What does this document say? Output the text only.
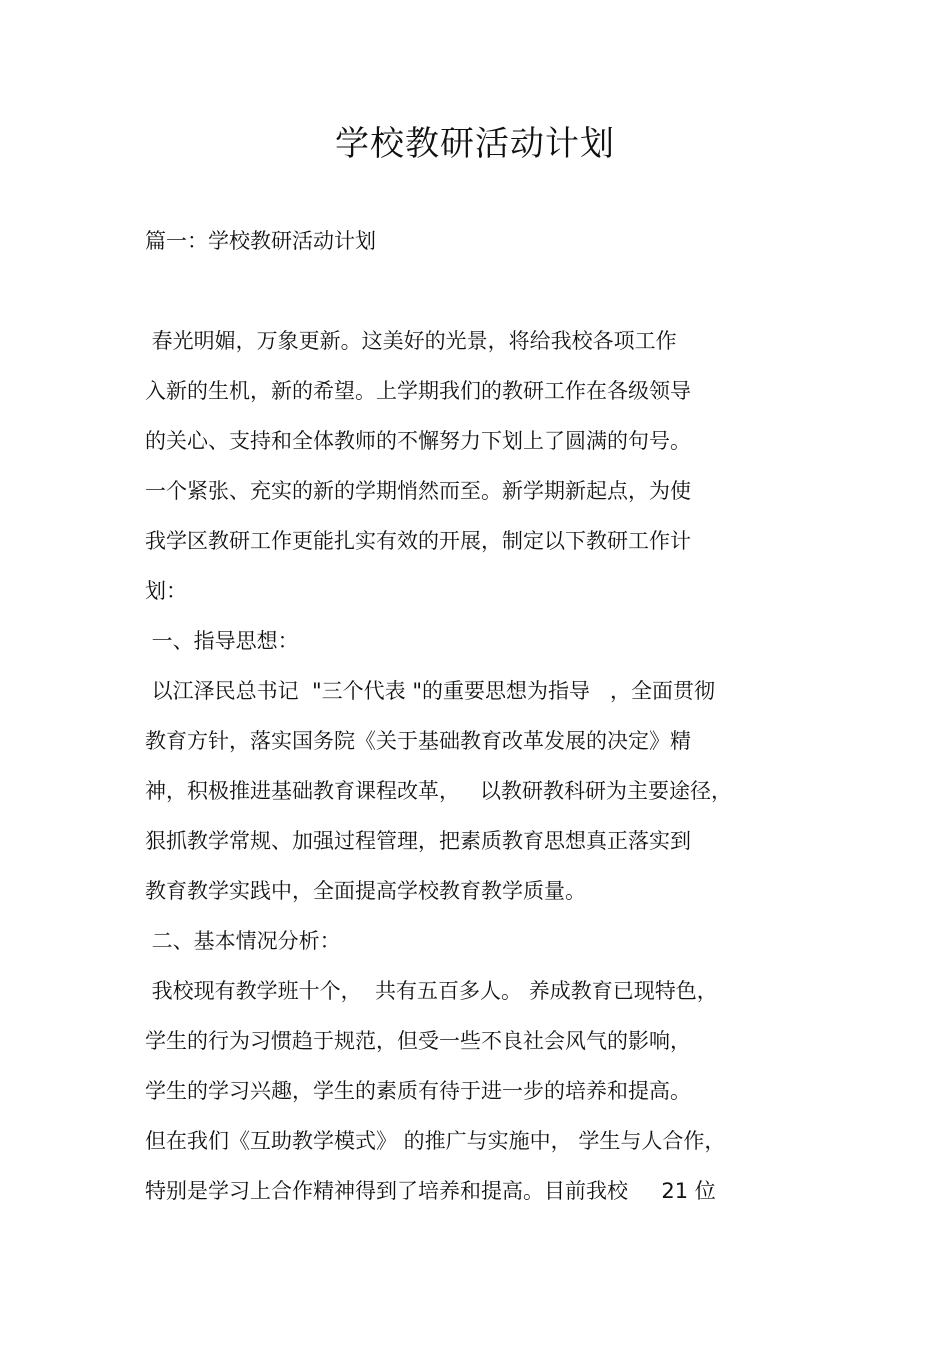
学校教研活动计划

篇一：学校教研活动计划

春光明媚，万象更新。这美好的光景，将给我校各项工作

入新的生机，新的希望。上学期我们的教研工作在各级领导

的关心、支持和全体教师的不懈努力下划上了圆满的句号。

一个紧张、充实的新的学期悄然而至。新学期新起点，为使

我学区教研工作更能扎实有效的开展，制定以下教研工作计

划：

一、指导思想：

以江泽民总书记  "三个代表 "的重要思想为指导   ，全面贯彻

教育方针，落实国务院《关于基础教育改革发展的决定》精

神，积极推进基础教育课程改革，   以教研教科研为主要途径，

狠抓教学常规、加强过程管理，把素质教育思想真正落实到

教育教学实践中，全面提高学校教育教学质量。

二、基本情况分析：

我校现有教学班十个，  共有五百多人。 养成教育已现特色，

学生的行为习惯趋于规范，但受一些不良社会风气的影响，

学生的学习兴趣，学生的素质有待于进一步的培养和提高。

但在我们《互助教学模式》 的推广与实施中， 学生与人合作，

特别是学习上合作精神得到了培养和提高。目前我校     21 位
